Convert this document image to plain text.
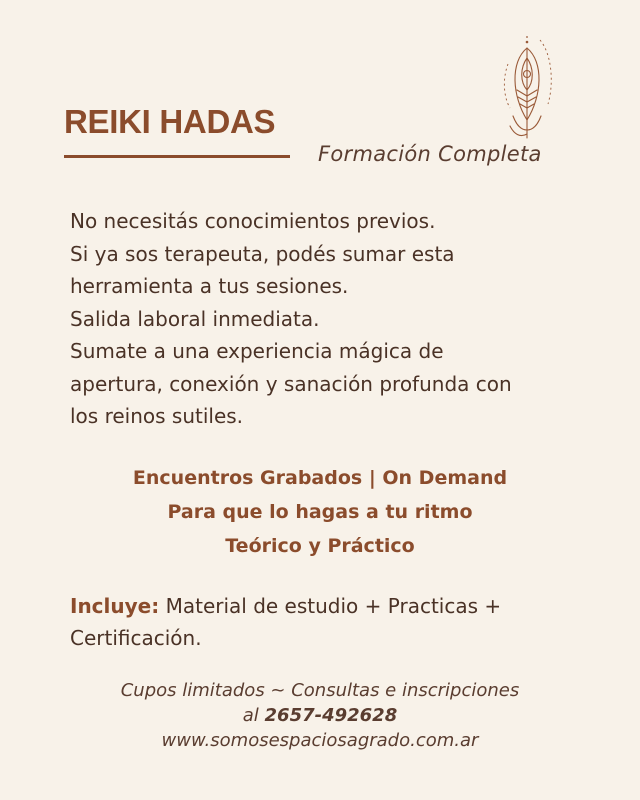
REIKI HADAS

Formación Completa

No necesitás conocimientos previos.
Si ya sos terapeuta, podés sumar esta
herramienta a tus sesiones.
Salida laboral inmediata.
Sumate a una experiencia mágica de
apertura, conexión y sanación profunda con
los reinos sutiles.
Encuentros Grabados | On Demand
Para que lo hagas a tu ritmo
Teórico y Práctico
Incluye: Material de estudio + Practicas +
Certificación.
Cupos limitados ~ Consultas e inscripciones
al 2657-492628
www.somosespaciosagrado.com.ar
